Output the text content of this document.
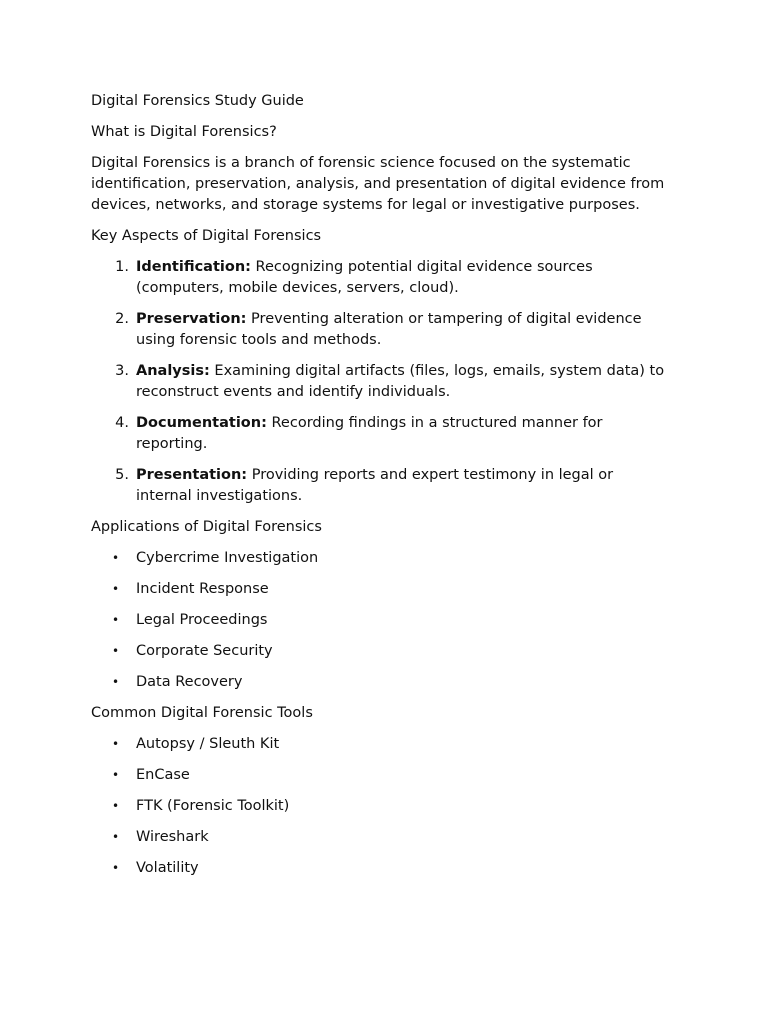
Digital Forensics Study Guide

What is Digital Forensics?

Digital Forensics is a branch of forensic science focused on the systematic identification, preservation, analysis, and presentation of digital evidence from devices, networks, and storage systems for legal or investigative purposes.

Key Aspects of Digital Forensics

1. Identification: Recognizing potential digital evidence sources (computers, mobile devices, servers, cloud).
2. Preservation: Preventing alteration or tampering of digital evidence using forensic tools and methods.
3. Analysis: Examining digital artifacts (files, logs, emails, system data) to reconstruct events and identify individuals.
4. Documentation: Recording findings in a structured manner for reporting.
5. Presentation: Providing reports and expert testimony in legal or internal investigations.

Applications of Digital Forensics

• Cybercrime Investigation
• Incident Response
• Legal Proceedings
• Corporate Security
• Data Recovery

Common Digital Forensic Tools

• Autopsy / Sleuth Kit
• EnCase
• FTK (Forensic Toolkit)
• Wireshark
• Volatility
